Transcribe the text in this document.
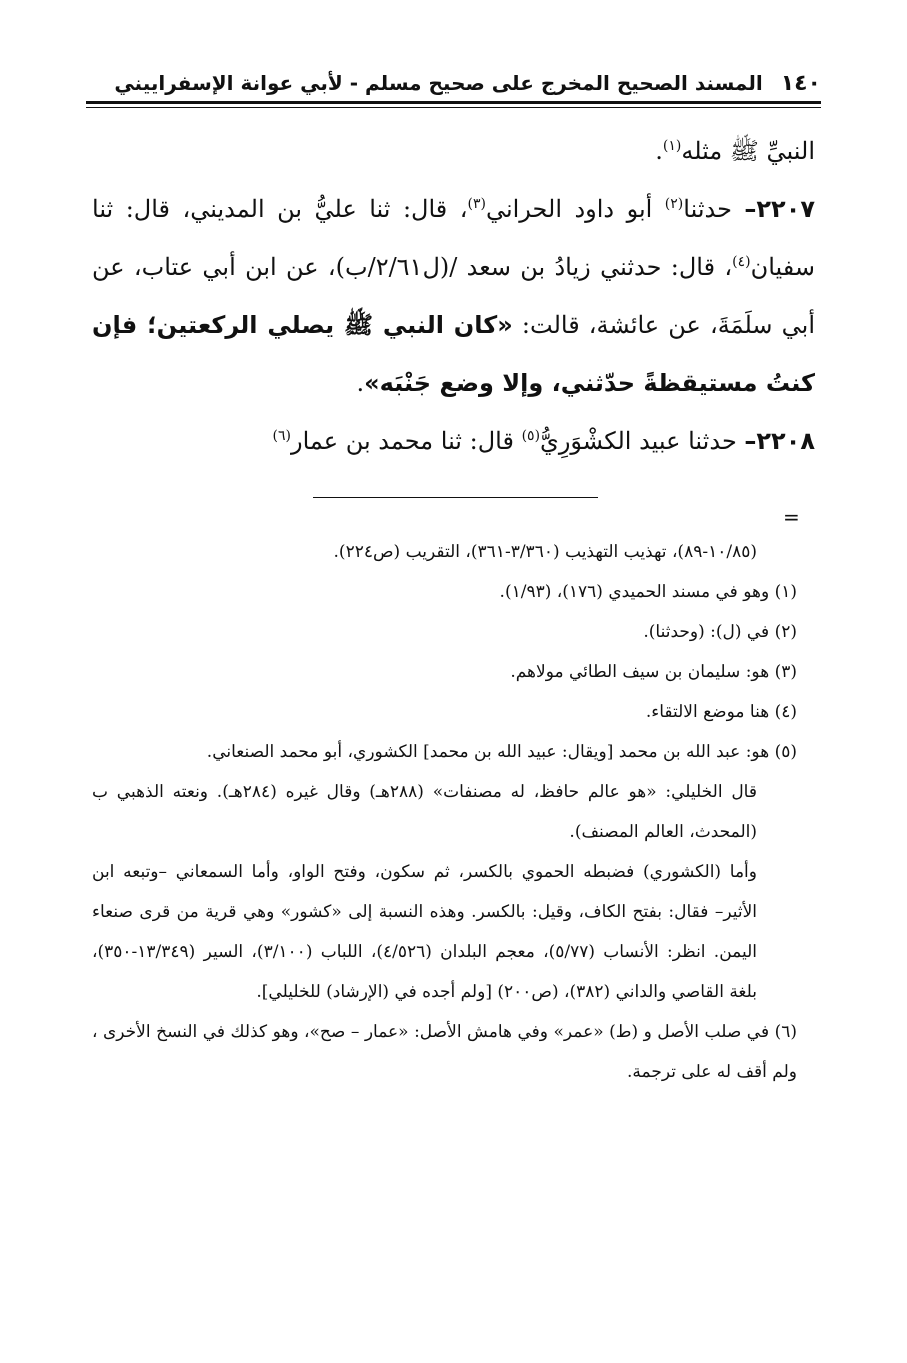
١٤٠
المسند الصحيح المخرج على صحيح مسلم - لأبي عوانة الإسفراييني

النبيِّ ﷺ مثله$^{(١)}$.

٢٢٠٧– حدثنا$^{(٢)}$ أبو داود الحراني$^{(٣)}$، قال: ثنا عليُّ بن المديني، قال: ثنا سفيان$^{(٤)}$، قال: حدثني زيادُ بن سعد /(ل٢/٦١/ب)، عن ابن أبي عتاب، عن أبي سلَمَةَ، عن عائشة، قالت: «كان النبي ﷺ يصلي الركعتين؛ فإن كنتُ مستيقظةً حدّثني، وإلا وضع جَنْبَه».

٢٢٠٨– حدثنا عبيد الكشْوَرِيُّ$^{(٥)}$ قال: ثنا محمد بن عمار$^{(٦)}$

=

(١٠/٨٥-٨٩)، تهذيب التهذيب (٣/٣٦٠-٣٦١)، التقريب (ص٢٢٤).

(١) وهو في مسند الحميدي (١٧٦)، (١/٩٣).

(٢) في (ل): (وحدثنا).

(٣) هو: سليمان بن سيف الطائي مولاهم.

(٤) هنا موضع الالتقاء.

(٥) هو: عبد الله بن محمد [ويقال: عبيد الله بن محمد] الكشوري، أبو محمد الصنعاني.

قال الخليلي: «هو عالم حافظ، له مصنفات» (٢٨٨هـ) وقال غيره (٢٨٤هـ). ونعته الذهبي ب (المحدث، العالم المصنف).

وأما (الكشوري) فضبطه الحموي بالكسر، ثم سكون، وفتح الواو، وأما السمعاني –وتبعه ابن الأثير– فقال: بفتح الكاف، وقيل: بالكسر. وهذه النسبة إلى «كشور» وهي قرية من قرى صنعاء اليمن. انظر: الأنساب (٥/٧٧)، معجم البلدان (٤/٥٢٦)، اللباب (٣/١٠٠)، السير (١٣/٣٤٩-٣٥٠)، بلغة القاصي والداني (٣٨٢)، (ص٢٠٠) [ولم أجده في (الإرشاد) للخليلي].

(٦) في صلب الأصل و (ط) «عمر» وفي هامش الأصل: «عمار – صح»، وهو كذلك في النسخ الأخرى ، ولم أقف له على ترجمة.
